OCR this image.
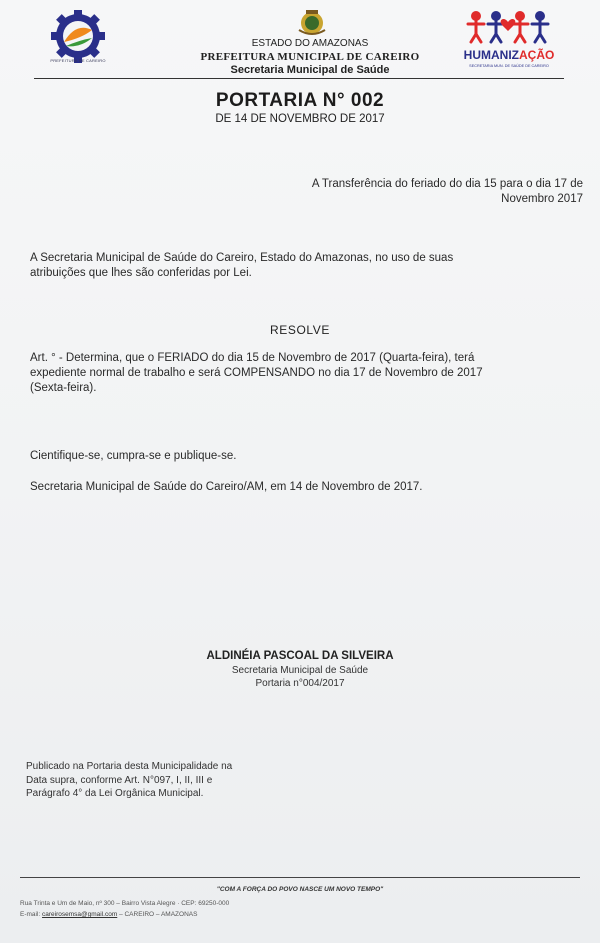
PREFEITURA DE CAREIRO
ESTADO DO AMAZONAS
PREFEITURA MUNICIPAL DE CAREIRO
Secretaria Municipal de Saúde
HUMANIZAÇÃO
SECRETARIA MUN. DE SAÚDE DE CAREIRO
PORTARIA N° 002
DE 14 DE NOVEMBRO DE 2017
A Transferência do feriado do dia 15 para o dia 17 de
Novembro 2017
A Secretaria Municipal de Saúde do Careiro, Estado do Amazonas, no uso de suas
atribuições que lhes são conferidas por Lei.
RESOLVE
Art. ° - Determina, que o FERIADO do dia 15 de Novembro de 2017 (Quarta-feira), terá
expediente normal de trabalho e será COMPENSANDO no dia 17 de Novembro de 2017
(Sexta-feira).
Cientifique-se, cumpra-se e publique-se.
Secretaria Municipal de Saúde do Careiro/AM, em 14 de Novembro de 2017.
ALDINÉIA PASCOAL DA SILVEIRA
Secretaria Municipal de Saúde
Portaria n°004/2017
Publicado na Portaria desta Municipalidade na
Data supra, conforme Art. N°097, I, II, III e
Parágrafo 4° da Lei Orgânica Municipal.
"COM A FORÇA DO POVO NASCE UM NOVO TEMPO"
Rua Trinta e Um de Maio, nº 300 – Bairro Vista Alegre · CEP: 69250-000
E-mail: careirosemsa@gmail.com – CAREIRO – AMAZONAS
